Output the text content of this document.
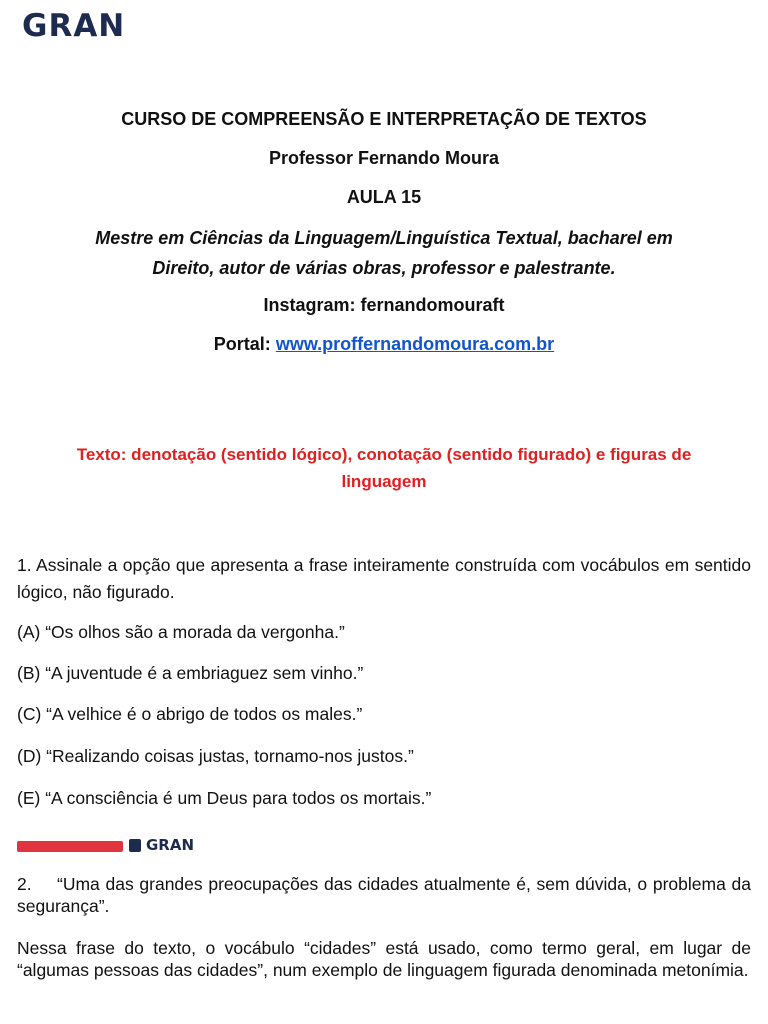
GRAN
CURSO DE COMPREENSÃO E INTERPRETAÇÃO DE TEXTOS
Professor Fernando Moura
AULA 15
Mestre em Ciências da Linguagem/Linguística Textual, bacharel em
Direito, autor de várias obras, professor e palestrante.
Instagram: fernandomouraft
Portal: www.proffernandomoura.com.br
Texto: denotação (sentido lógico), conotação (sentido figurado) e figuras de
linguagem
1. Assinale a opção que apresenta a frase inteiramente construída com vocábulos em sentido lógico, não figurado.
(A) “Os olhos são a morada da vergonha.”
(B) “A juventude é a embriaguez sem vinho.”
(C) “A velhice é o abrigo de todos os males.”
(D) “Realizando coisas justas, tornamo-nos justos.”
(E) “A consciência é um Deus para todos os mortais.”
GRAN
2. “Uma das grandes preocupações das cidades atualmente é, sem dúvida, o problema da segurança”.
Nessa frase do texto, o vocábulo “cidades” está usado, como termo geral, em lugar de “algumas pessoas das cidades”, num exemplo de linguagem figurada denominada metonímia.
